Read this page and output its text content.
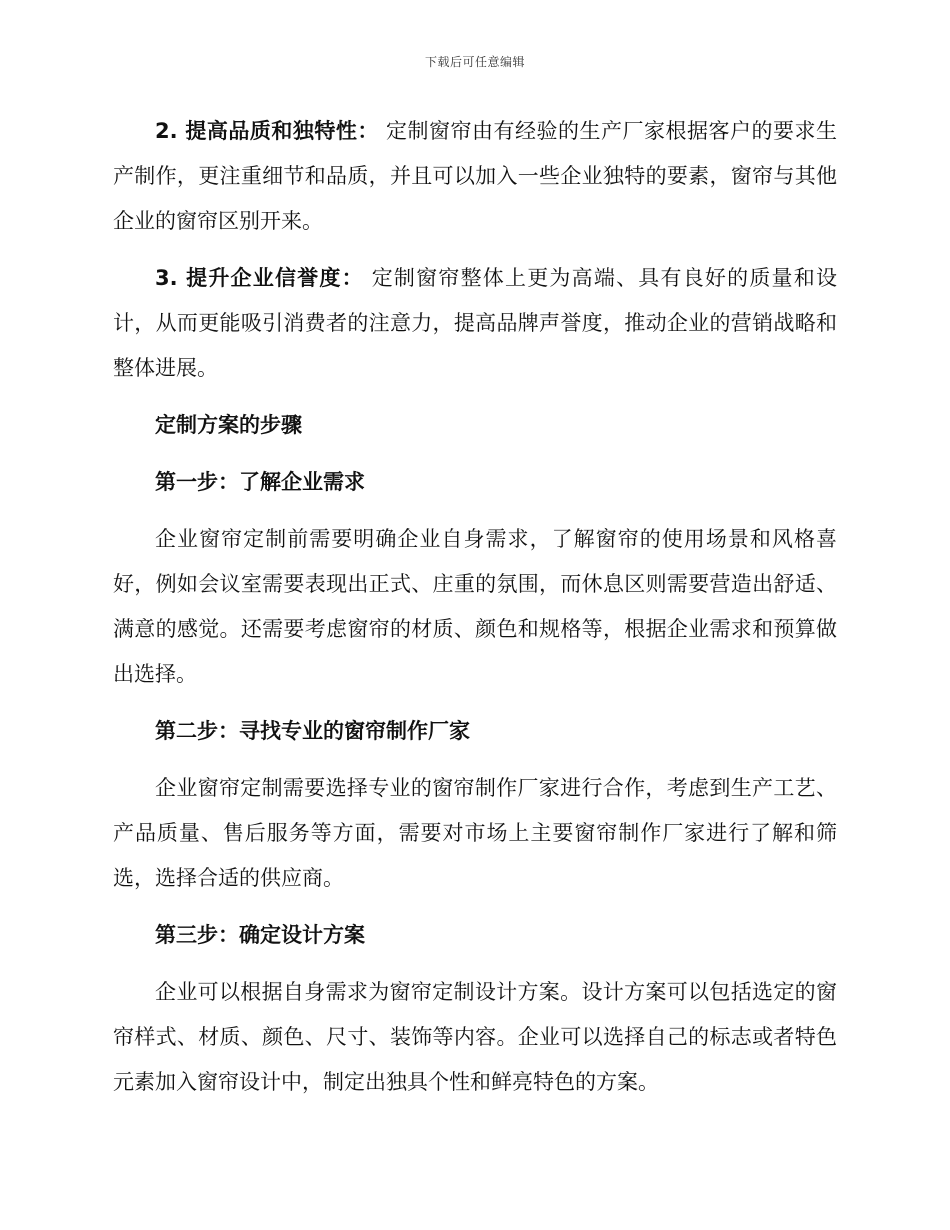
下载后可任意编辑

2. 提高品质和独特性： 定制窗帘由有经验的生产厂家根据客户的要求生产制作，更注重细节和品质，并且可以加入一些企业独特的要素，窗帘与其他企业的窗帘区别开来。

3. 提升企业信誉度： 定制窗帘整体上更为高端、具有良好的质量和设计，从而更能吸引消费者的注意力，提高品牌声誉度，推动企业的营销战略和整体进展。

定制方案的步骤
第一步：了解企业需求

企业窗帘定制前需要明确企业自身需求，了解窗帘的使用场景和风格喜好，例如会议室需要表现出正式、庄重的氛围，而休息区则需要营造出舒适、满意的感觉。还需要考虑窗帘的材质、颜色和规格等，根据企业需求和预算做出选择。

第二步：寻找专业的窗帘制作厂家

企业窗帘定制需要选择专业的窗帘制作厂家进行合作，考虑到生产工艺、产品质量、售后服务等方面，需要对市场上主要窗帘制作厂家进行了解和筛选，选择合适的供应商。

第三步：确定设计方案

企业可以根据自身需求为窗帘定制设计方案。设计方案可以包括选定的窗帘样式、材质、颜色、尺寸、装饰等内容。企业可以选择自己的标志或者特色元素加入窗帘设计中，制定出独具个性和鲜亮特色的方案。
